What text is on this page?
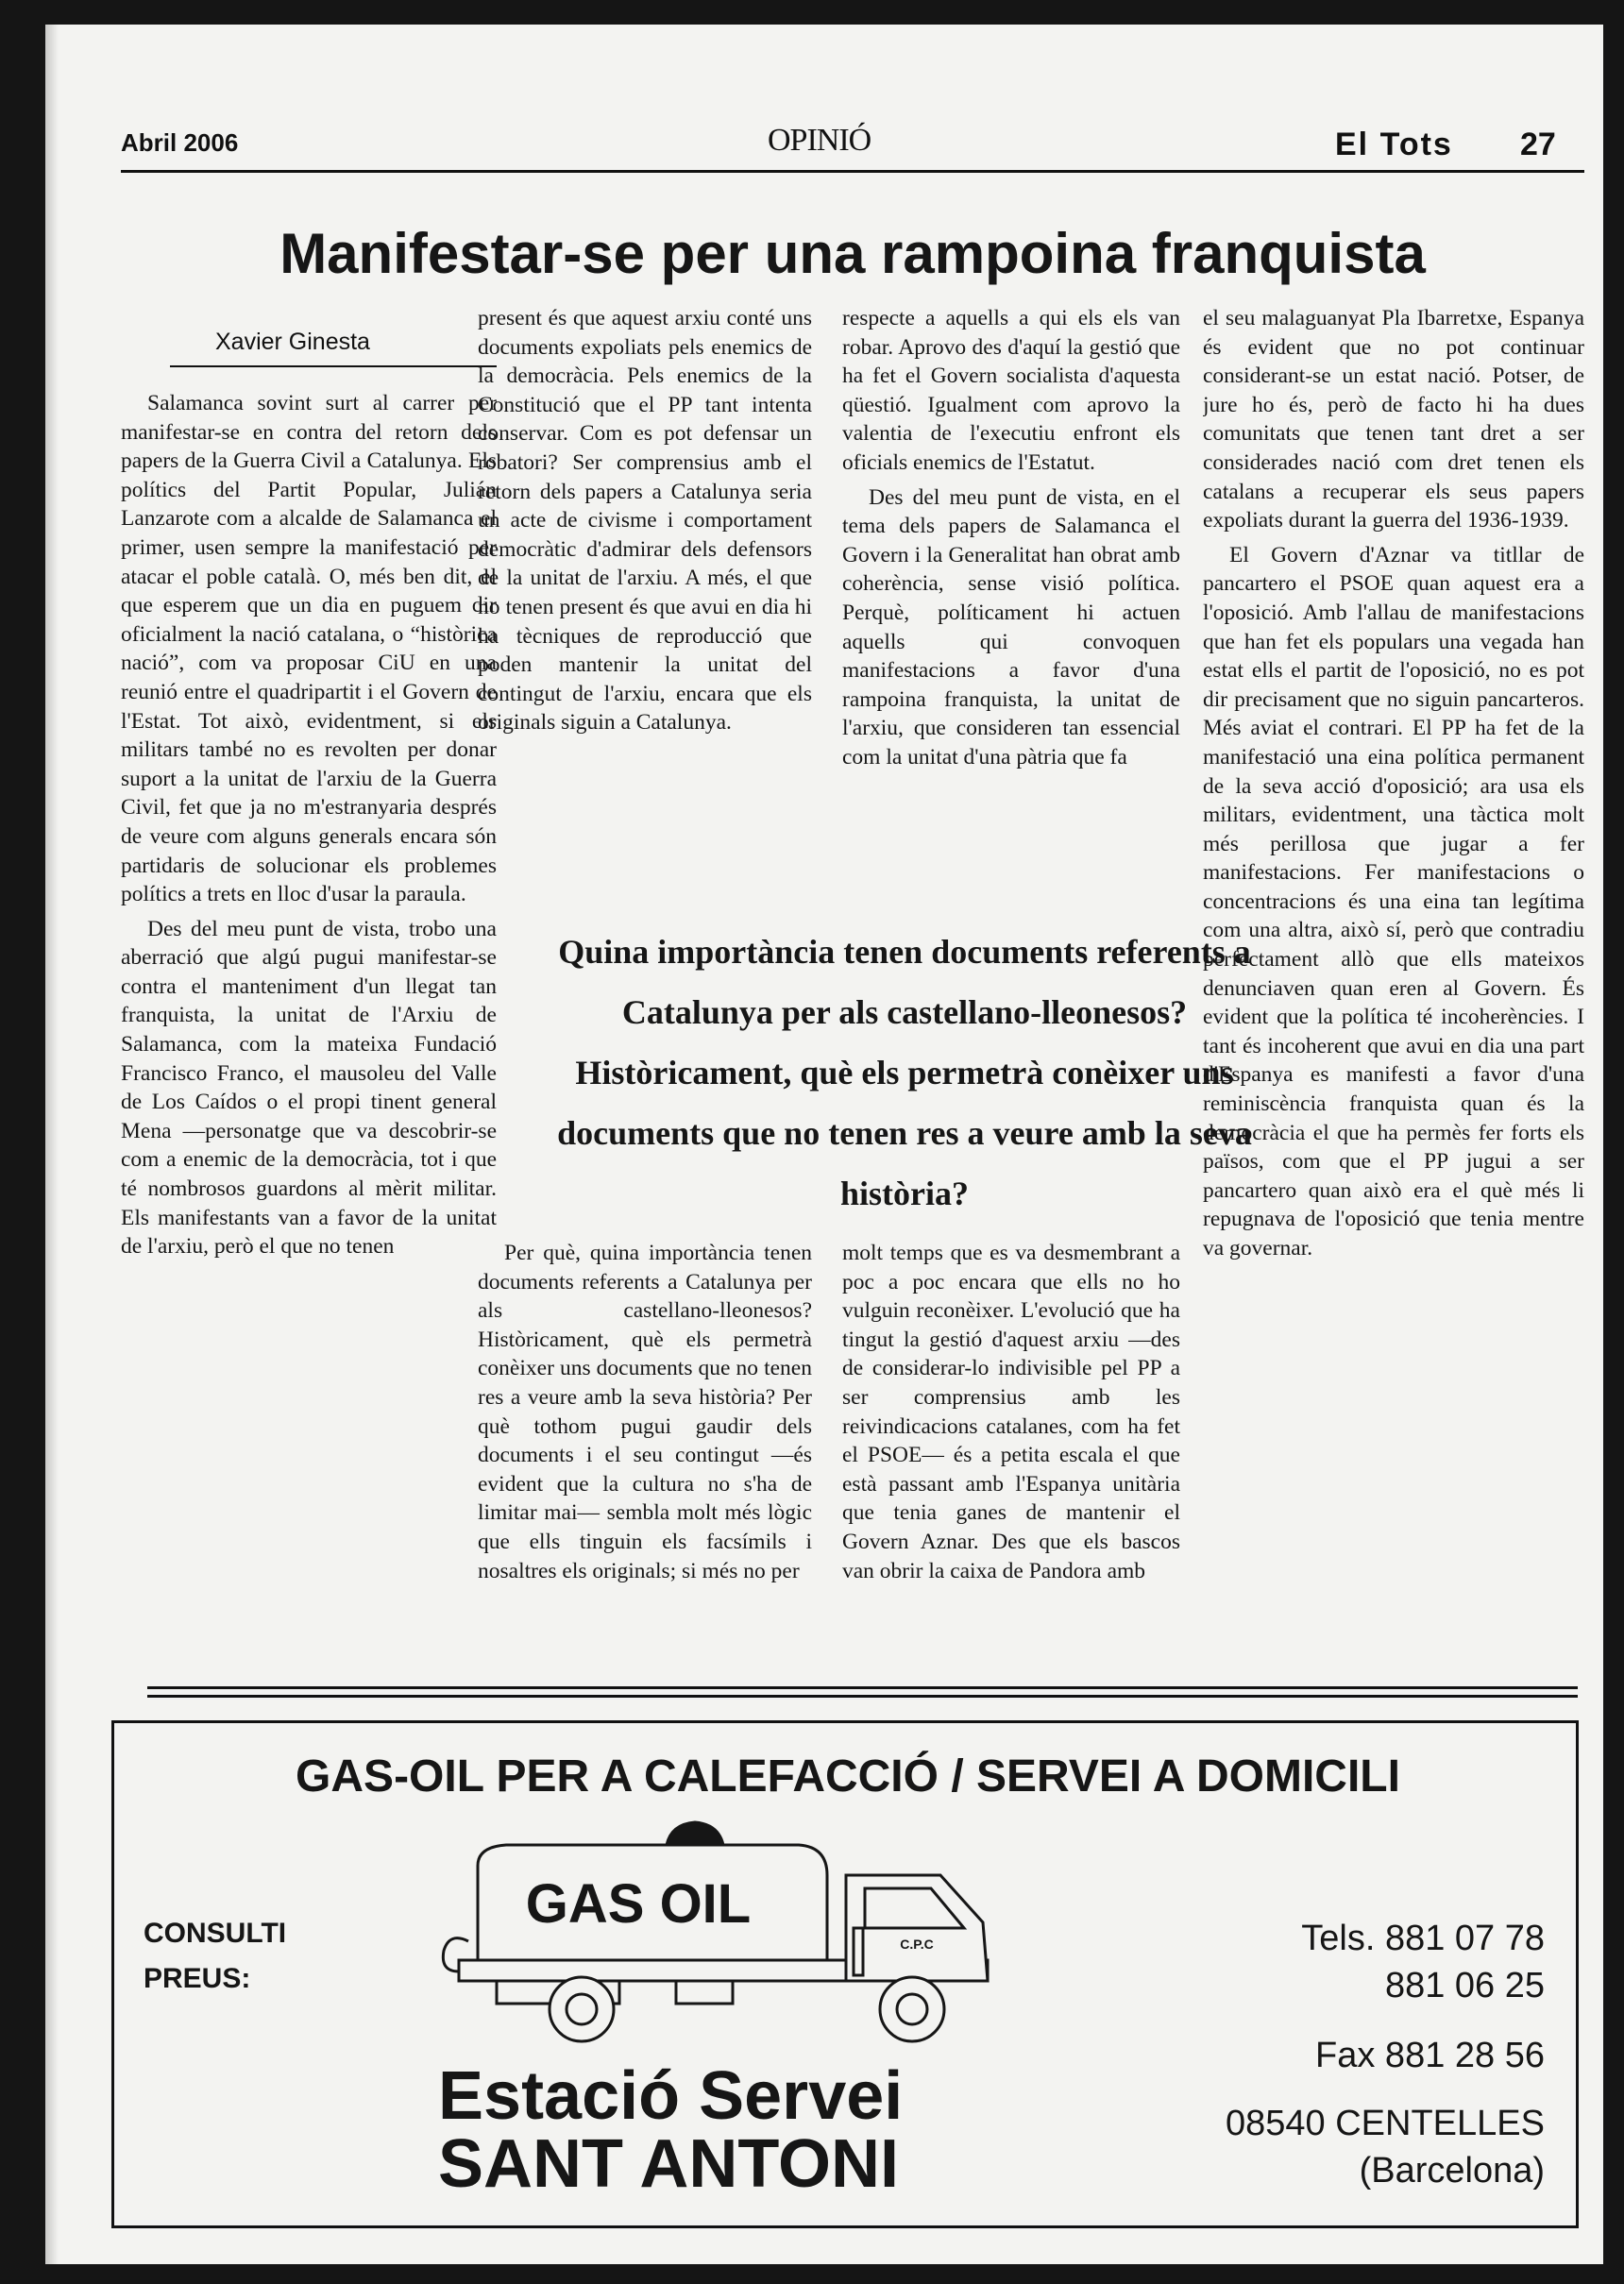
Abril 2006	OPINIÓ	El Tots 27
Manifestar-se per una rampoina franquista
Xavier Ginesta

Salamanca sovint surt al carrer per manifestar-se en contra del retorn dels papers de la Guerra Civil a Catalunya. Els polítics del Partit Popular, Julián Lanzarote com a alcalde de Salamanca el primer, usen sempre la manifestació per atacar el poble català. O, més ben dit, el que esperem que un dia en puguem dir oficialment la nació catalana, o “històrica nació”, com va proposar CiU en una reunió entre el quadripartit i el Govern de l'Estat. Tot això, evidentment, si els militars també no es revolten per donar suport a la unitat de l'arxiu de la Guerra Civil, fet que ja no m'estranyaria després de veure com alguns generals encara són partidaris de solucionar els problemes polítics a trets en lloc d'usar la paraula.

Des del meu punt de vista, trobo una aberració que algú pugui manifestar-se contra el manteniment d'un llegat tan franquista, la unitat de l'Arxiu de Salamanca, com la mateixa Fundació Francisco Franco, el mausoleu del Valle de Los Caídos o el propi tinent general Mena —personatge que va descobrir-se com a enemic de la democràcia, tot i que té nombrosos guardons al mèrit militar. Els manifestants van a favor de la unitat de l'arxiu, però el que no tenen

present és que aquest arxiu conté uns documents expoliats pels enemics de la democràcia. Pels enemics de la Constitució que el PP tant intenta conservar. Com es pot defensar un robatori? Ser comprensius amb el retorn dels papers a Catalunya seria un acte de civisme i comportament democràtic d'admirar dels defensors de la unitat de l'arxiu. A més, el que no tenen present és que avui en dia hi ha tècniques de reproducció que poden mantenir la unitat del contingut de l'arxiu, encara que els originals siguin a Catalunya.

respecte a aquells a qui els els van robar. Aprovo des d'aquí la gestió que ha fet el Govern socialista d'aquesta qüestió. Igualment com aprovo la valentia de l'executiu enfront els oficials enemics de l'Estatut.

Des del meu punt de vista, en el tema dels papers de Salamanca el Govern i la Generalitat han obrat amb coherència, sense visió política. Perquè, políticament hi actuen aquells qui convoquen manifestacions a favor d'una rampoina franquista, la unitat de l'arxiu, que consideren tan essencial com la unitat d'una pàtria que fa

Quina importància tenen documents referents a Catalunya per als castellano-lleonesos? Històricament, què els permetrà conèixer uns documents que no tenen res a veure amb la seva història?

Per què, quina importància tenen documents referents a Catalunya per als castellano-lleonesos? Històricament, què els permetrà conèixer uns documents que no tenen res a veure amb la seva història? Per què tothom pugui gaudir dels documents i el seu contingut —és evident que la cultura no s'ha de limitar mai— sembla molt més lògic que ells tinguin els facsímils i nosaltres els originals; si més no per

molt temps que es va desmembrant a poc a poc encara que ells no ho vulguin reconèixer. L'evolució que ha tingut la gestió d'aquest arxiu —des de considerar-lo indivisible pel PP a ser comprensius amb les reivindicacions catalanes, com ha fet el PSOE— és a petita escala el que està passant amb l'Espanya unitària que tenia ganes de mantenir el Govern Aznar. Des que els bascos van obrir la caixa de Pandora amb

el seu malaguanyat Pla Ibarretxe, Espanya és evident que no pot continuar considerant-se un estat nació. Potser, de jure ho és, però de facto hi ha dues comunitats que tenen tant dret a ser considerades nació com dret tenen els catalans a recuperar els seus papers expoliats durant la guerra del 1936-1939.

El Govern d'Aznar va titllar de pancartero el PSOE quan aquest era a l'oposició. Amb l'allau de manifestacions que han fet els populars una vegada han estat ells el partit de l'oposició, no es pot dir precisament que no siguin pancarteros. Més aviat el contrari. El PP ha fet de la manifestació una eina política permanent de la seva acció d'oposició; ara usa els militars, evidentment, una tàctica molt més perillosa que jugar a fer manifestacions. Fer manifestacions o concentracions és una eina tan legítima com una altra, això sí, però que contradiu perfectament allò que ells mateixos denunciaven quan eren al Govern. És evident que la política té incoherències. I tant és incoherent que avui en dia una part d'Espanya es manifesti a favor d'una reminiscència franquista quan és la democràcia el que ha permès fer forts els països, com que el PP jugui a ser pancartero quan això era el què més li repugnava de l'oposició que tenia mentre va governar.

GAS-OIL PER A CALEFACCIÓ / SERVEI A DOMICILI
CONSULTI
PREUS:
GAS OIL
C.P.C
Estació Servei
SANT ANTONI
Tels. 881 07 78
881 06 25
Fax 881 28 56
08540 CENTELLES
(Barcelona)
